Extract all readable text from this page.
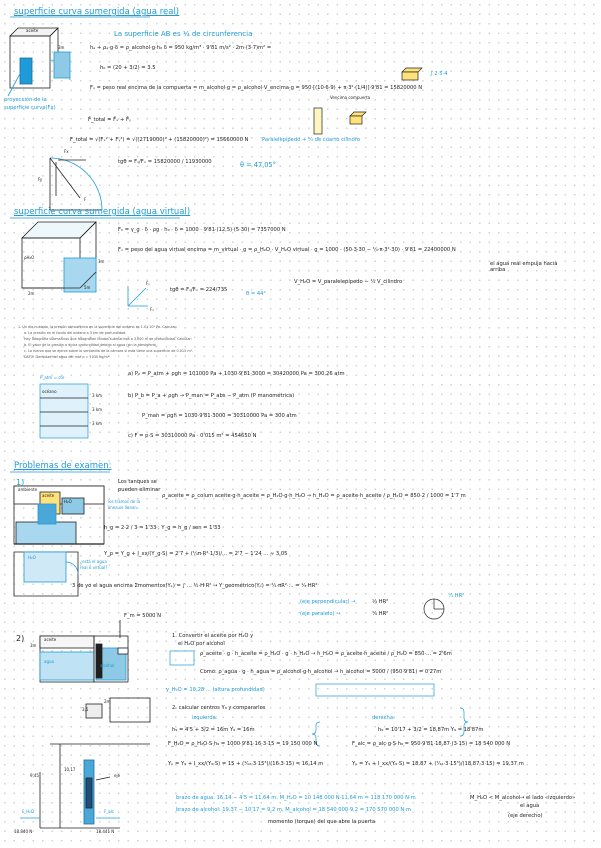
superficie curva sumergida (agua real)
aceite
3m
proyección de la
superficie curva(Fx)
La superficie AB es ¼ de circunferencia
hₐ + ρₐ·g·δ = ρ_alcohol·g·h₀ δ = 950 kg/m³ · 9'81 m/s² · 2m·(3·7)m² =
h₀ = (20 + 3/2) = 3.5
∫ 2·5·4
Fᵧ = peso real encima de la compuerta = m_alcohol·g = ρ_alcohol·V_encima·g = 950·[(10·6·9) + π·3²·(1/4)]·9'81 = 15820000 N
Vencima compuerta
F̄_total = F̄ₓ + F̄ᵧ
F_total = √(Fₓ² + Fᵧ²) = √((2719000)² + (15820000)²) = 15660000 N	Paralelepípedo + ¼ de cuarto cilindro
tgθ = Fᵧ/Fₓ = 15820000 / 11930000	θ = 47,05°
Fx
Fy
F
superficie curva sumergida (agua virtual)
ρH₂O
2m
5m
3m
Fₕ = γ_g · δ · ρg · h₀ · δ = 1000 · 9'81·(12,5)·(5·30) = 7357000 N
Fᵥ = peso del agua virtual encima = m_virtual · g = ρ_H₂O · V_H₂O virtual · g = 1000 · (50·3·30 − ¼·π·3²·30) · 9'81 = 22400000 N
el agua real empuja hacia arriba
tgθ = Fᵧ/Fₓ = 224/735
θ = 44°
V_H₂O = V_paralelepípedo − ¼ V_cilindro
Fᵧ
Fₓ
1. Un día nublado, la presión atmosférica en la superficie del océano es 1.01·10⁵ Pa. Calcular:
a. La presión en el fondo del océano a 3 km de profundidad.
Hay fotografía submarinos que fotografían fondos submarinos a 3.000 m de profundidad. Calcular:
b. El valor de la presión a dicha profundidad debido al agua (sin la atmósfera).
c. La fuerza que se ejerce sobre la ventanilla de la cámara si esta tiene una superficie de 0.015 m².
DATO: Densidad del agua del mar ρ = 1030 kg/m³
P_atm = cte
océano
3 km
3 km
3 km
a) P₂ = P_atm + ρgh = 101000 Pa + 1030·9'81·3000 = 30420000 Pa = 300,26 atm
b) P_b = P_a + ρgh → P_man = P_abs − P_atm (P manométrica)
P_man = ρgh = 1030·9'81·3000 = 30310000 Pa = 300 atm
c) F = p·S = 30310000 Pa · 0'015 m² = 454650 N
Problemas de examen:
1)
ambiente
aceite
H₂O
H₂O
los tramos de la
línea se llenan
Los tanques se
pueden eliminar
ρ_aceite = ρ_colum aceite·g·h_aceite = ρ_H₂O·g·h_H₂O → h_H₂O = ρ_aceite·h_aceite / ρ_H₂O = 850·2 / 1000 = 1'7 m
h_g = 2·2 / 3 = 1'33 ; Y_g = h_g / sen = 1'33
Y_p = Y_g + I_xx/(Y_g·S) = 2'7 + (¼π·R⁴·1/3)/... = 2'7 − 1'24 ... ≈ 3,05
¿está el agua
real o virtual?
3 de yo el agua encima Σmomentos(Yₚ) = ∫ ... ½·H·R² → Y_geométrico(Yₚ) = ¼·πR²·... = ¹⁄₃·HR²
(eje perpendicular) →
(eje paralelo) →
⅓ HR²
¼ HR²
¼ HR²
2)	aceite
F_m = 5000 N
agua
alcohol
3m
3,5
2m
9,45
10,17
eje
F_H₂O	F_alc
18.840 N	18.441 N
1. Convertir el aceite por H₂O y
el H₂O por alcohol
ρ_aceite · g · h_aceite = ρ_H₂O · g · h_H₂O → h_H₂O = ρ_aceite·h_aceite / ρ_H₂O = 850·... = 2'6m
Como: ρ_agua · g · h_agua = ρ_alcohol·g·h_alcohol → h_alcohol = 5000 / (950·9'81) = 0'27m
y_H₂O = 10,28 ... (altura profundidad)
2. calcular centros Y₉ y compararlos
izquierda:	derecha:
h₉ = 4'5 + 3/2 = 16m Y₉ = 16m
F_H₂O = ρ_H₂O·S·h₉ = 1000·9'81·16·3·15 = 19 150 000 N
Yₚ = Y₉ + I_xx/(Y₉·S) = 15 + (¹⁄₁₂·3·15³)/(16·3·15) = 16,14 m
h₉ = 10'17 + 3/2 = 18,87m Y₉ = 18'87m
F_alc = ρ_alc·g·S·h₉ = 950·9'81·18,87·(3·15) = 18 540 000 N
Yₚ = Y₉ + I_xx/(Y₉·S) = 18,87 + (¹⁄₁₂·3·15³)/(18,87·3·15) = 19,37 m
brazo de agua: 16,14 − 4'5 = 11,64 m, M_H₂O = 10 148 000 N·11,64 m = 118 170 000 N·m
brazo de alcohol: 19,37 − 10'17 = 9,2 m, M_alcohol = 18 540 000·9,2 = 170 570 000 N·m
momento (torque) del que abre la puerta
M_H₂O < M_alcohol → el lado «izquierdo»
el agua
(eje derecho)
